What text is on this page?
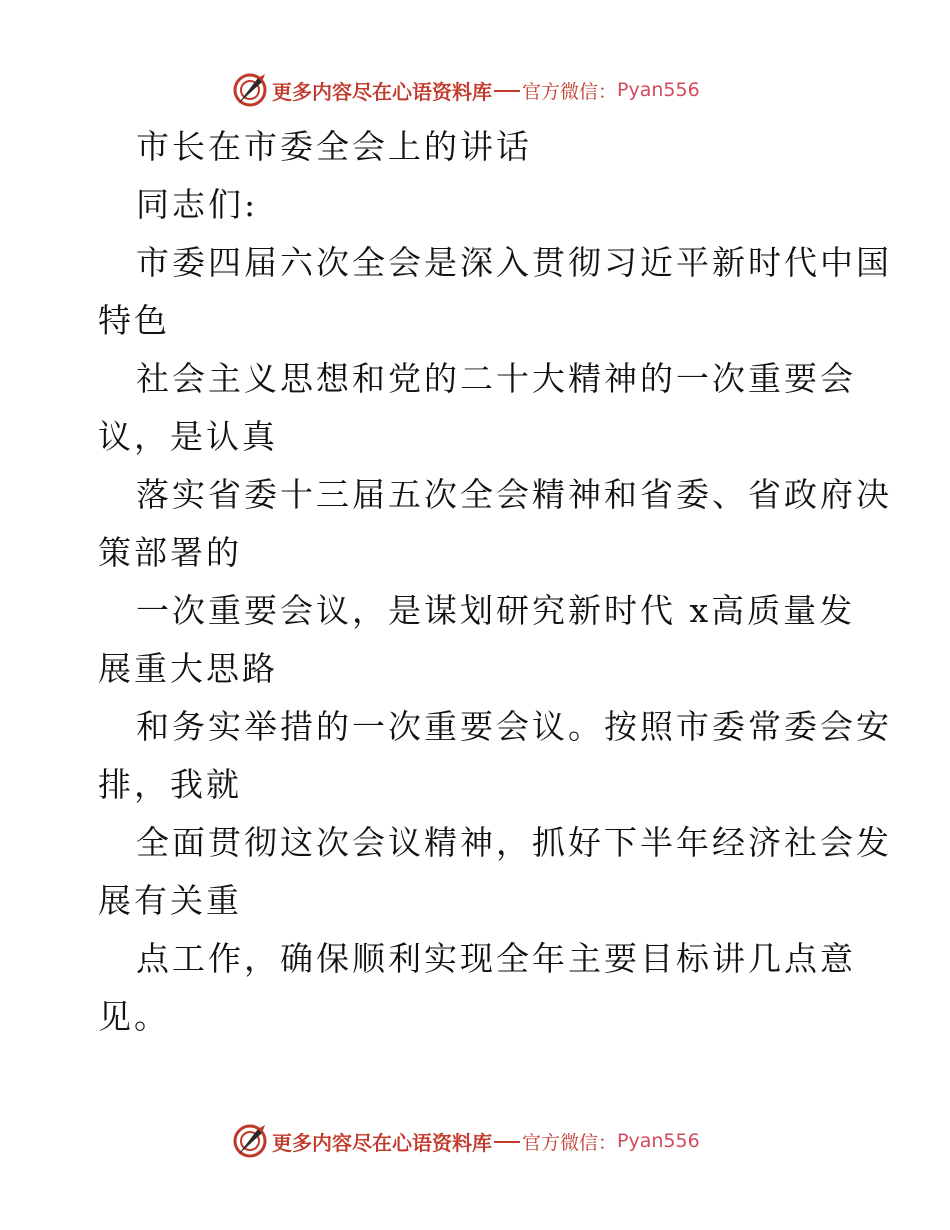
更多内容尽在心语资料库 官方微信： Pyan556
市长在市委全会上的讲话
同志们:
市委四届六次全会是深入贯彻习近平新时代中国
特色
社会主义思想和党的二十大精神的一次重要会
议，是认真
落实省委十三届五次全会精神和省委、省政府决
策部署的
一次重要会议，是谋划研究新时代 x高质量发
展重大思路
和务实举措的一次重要会议。按照市委常委会安
排，我就
全面贯彻这次会议精神，抓好下半年经济社会发
展有关重
点工作，确保顺利实现全年主要目标讲几点意
见。
更多内容尽在心语资料库 官方微信： Pyan556
